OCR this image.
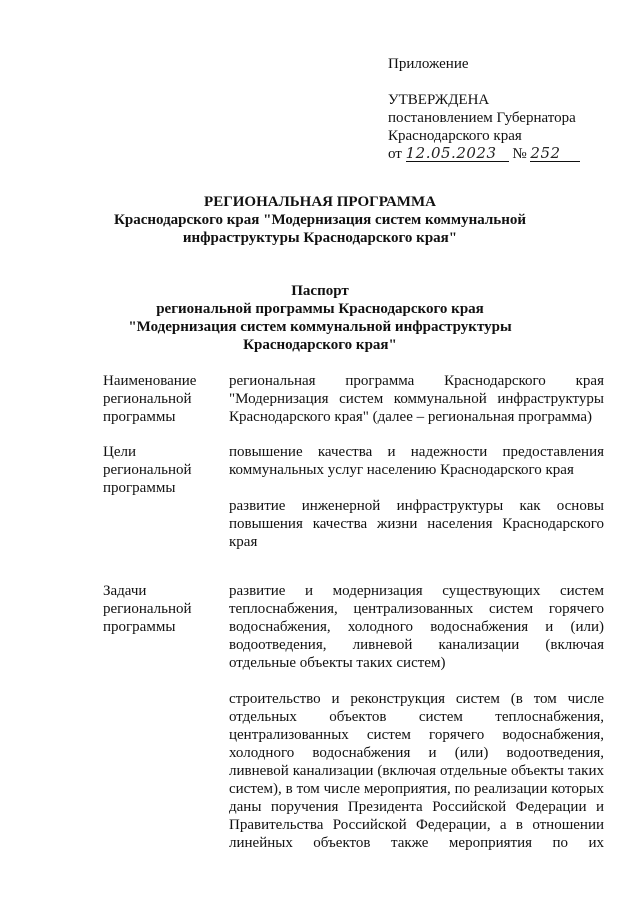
Приложение
УТВЕРЖДЕНА
постановлением Губернатора
Краснодарского края
от 12.05.2023 № 252
РЕГИОНАЛЬНАЯ ПРОГРАММА
Краснодарского края "Модернизация систем коммунальной
инфраструктуры Краснодарского края"
Паспорт
региональной программы Краснодарского края
"Модернизация систем коммунальной инфраструктуры
Краснодарского края"
Наименование региональной программы

региональная программа Краснодарского края "Модернизация систем коммунальной инфраструктуры Краснодарского края" (далее – региональная программа)

Цели региональной программы

повышение качества и надежности предоставления коммунальных услуг населению Краснодарского края

развитие инженерной инфраструктуры как основы повышения качества жизни населения Краснодарского края

Задачи региональной программы

развитие и модернизация существующих систем теплоснабжения, централизованных систем горячего водоснабжения, холодного водоснабжения и (или) водоотведения, ливневой канализации (включая отдельные объекты таких систем)

строительство и реконструкция систем (в том числе отдельных объектов систем теплоснабжения, централизованных систем горячего водоснабжения, холодного водоснабжения и (или) водоотведения, ливневой канализации (включая отдельные объекты таких систем), в том числе мероприятия, по реализации которых даны поручения Президента Российской Федерации и Правительства Российской Федерации, а в отношении линейных объектов также мероприятия по их
